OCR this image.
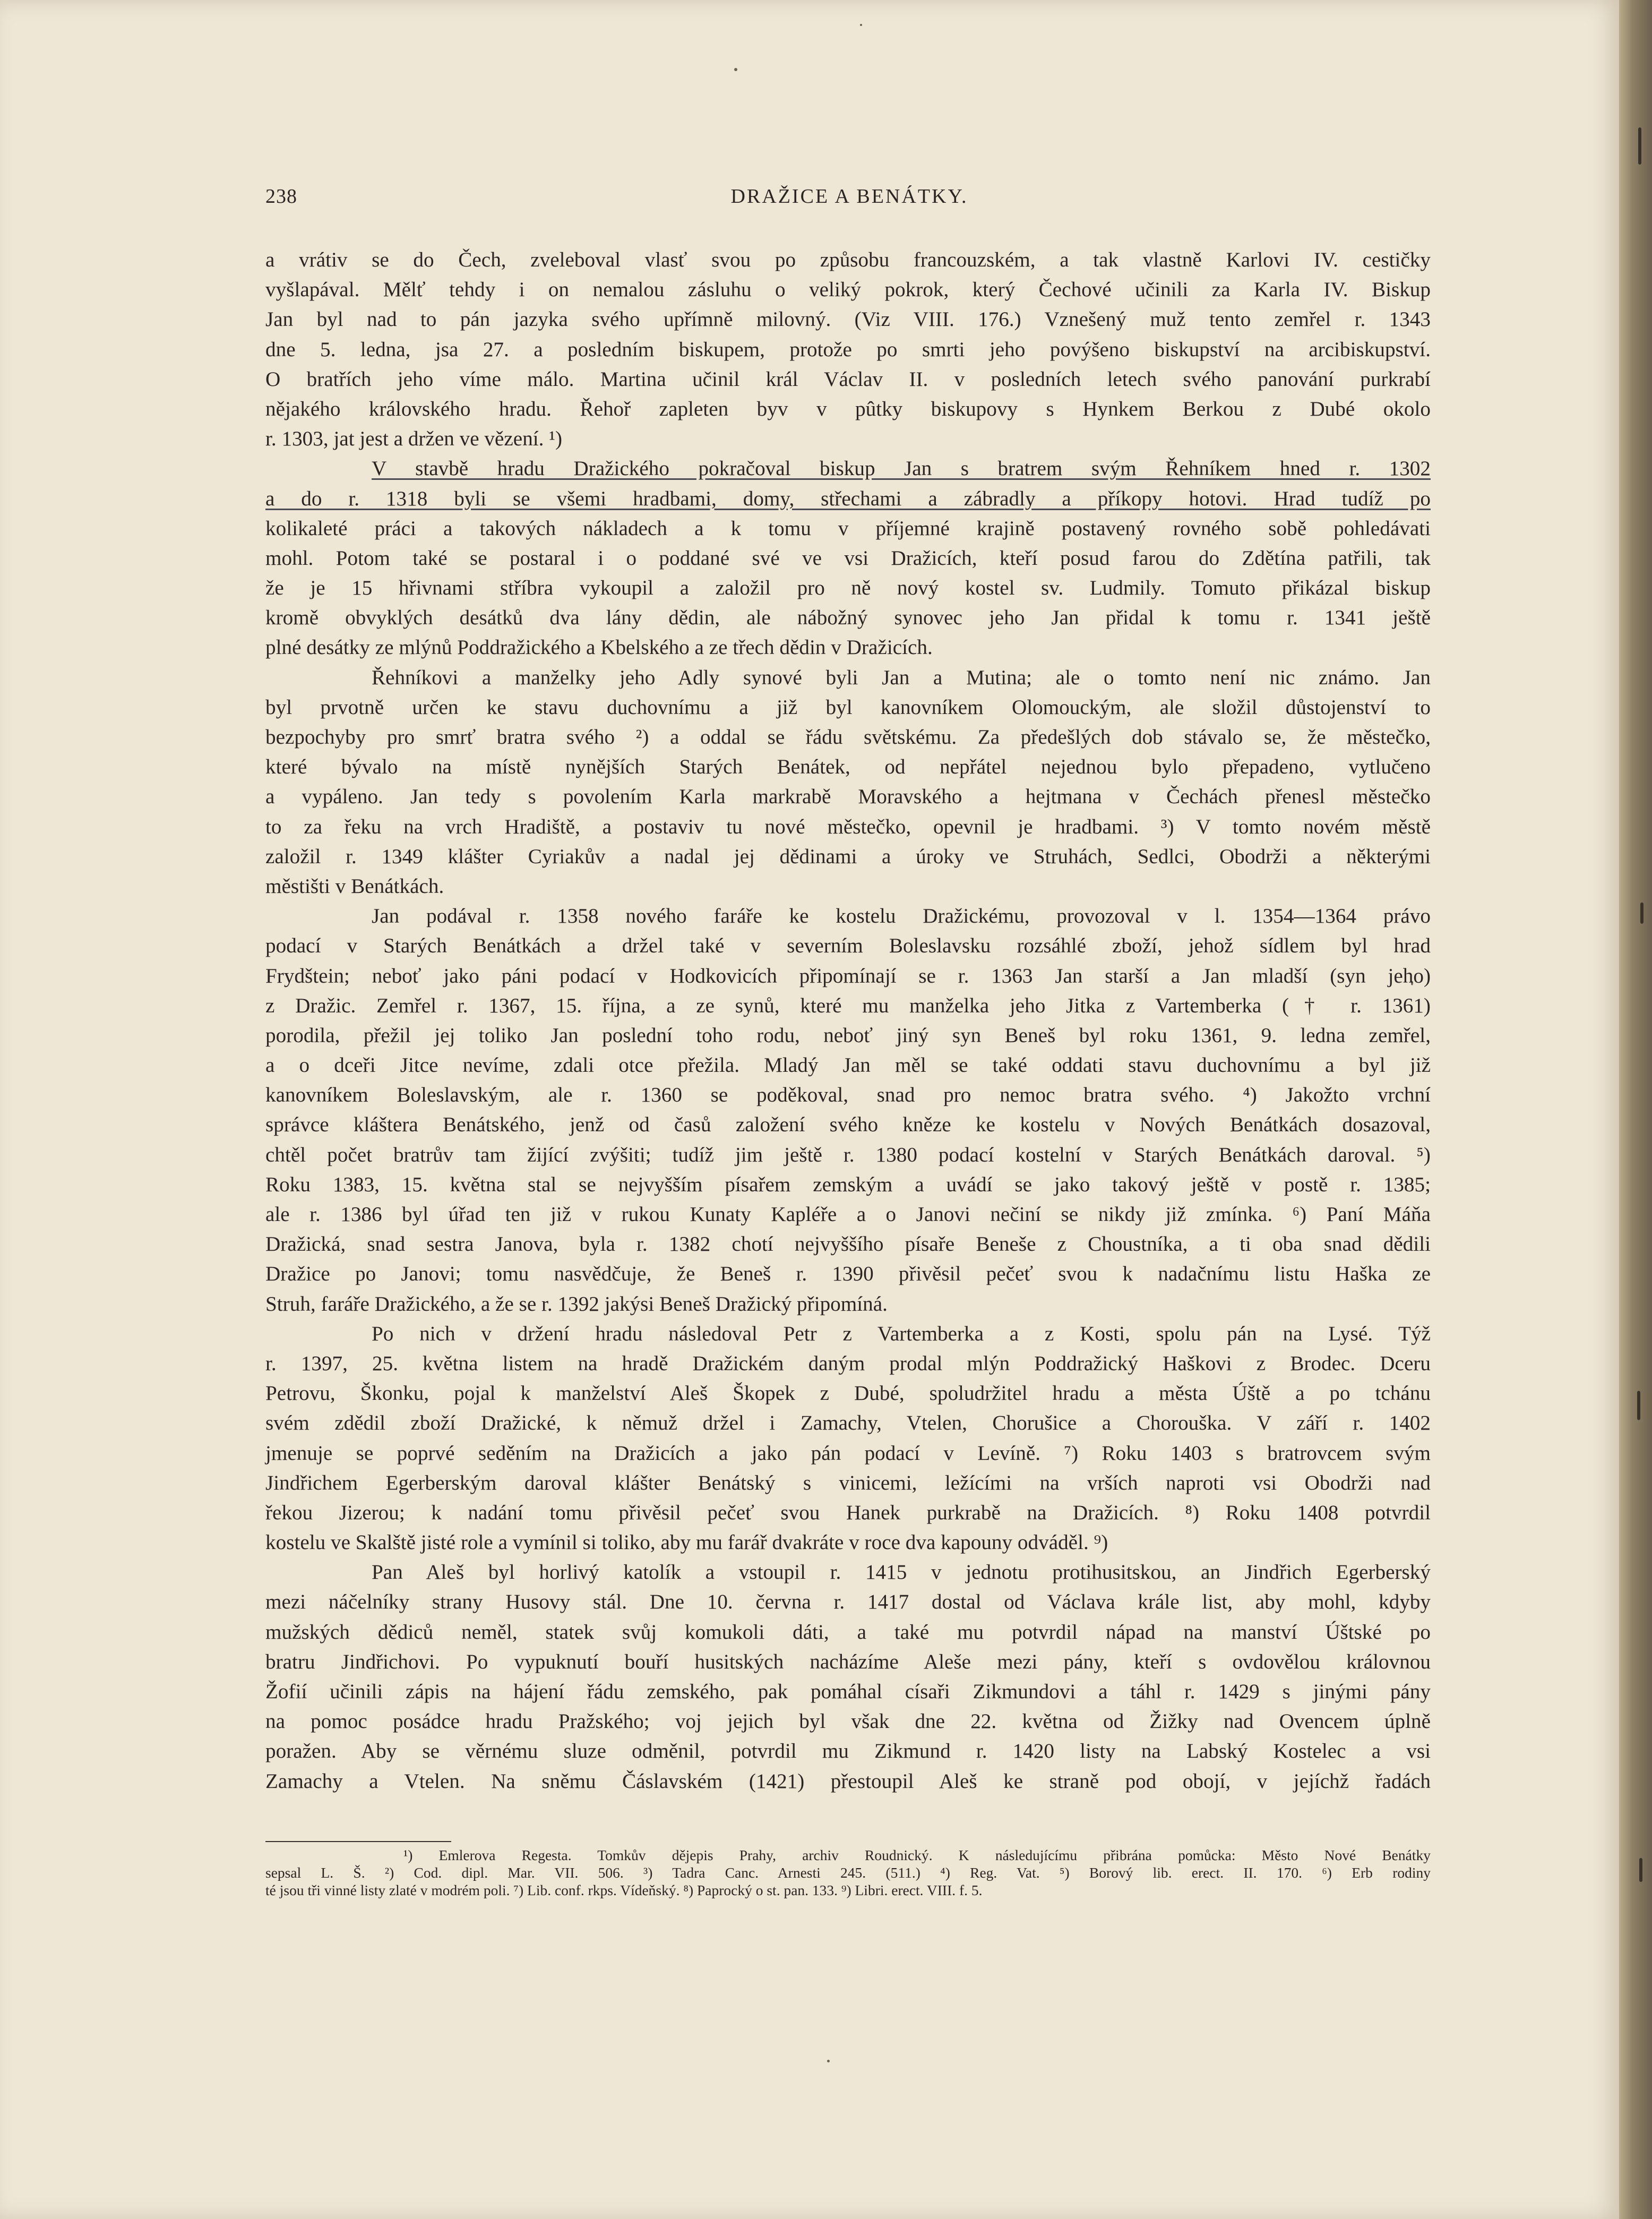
238	DRAŽICE A BENÁTKY.
a vrátiv se do Čech, zveleboval vlasť svou po způsobu francouzském, a tak vlastně Karlovi IV. cestičky
vyšlapával. Mělť tehdy i on nemalou zásluhu o veliký pokrok, který Čechové učinili za Karla IV. Biskup
Jan byl nad to pán jazyka svého upřímně milovný. (Viz VIII. 176.) Vznešený muž tento zemřel r. 1343
dne 5. ledna, jsa 27. a posledním biskupem, protože po smrti jeho povýšeno biskupství na arcibiskupství.
O bratřích jeho víme málo. Martina učinil král Václav II. v posledních letech svého panování purkrabí
nějakého královského hradu. Řehoř zapleten byv v pûtky biskupovy s Hynkem Berkou z Dubé okolo
r. 1303, jat jest a držen ve vězení. ¹)
V stavbě hradu Dražického pokračoval biskup Jan s bratrem svým Řehníkem hned r. 1302
a do r. 1318 byli se všemi hradbami, domy, střechami a zábradly a příkopy hotovi. Hrad tudíž po
kolikaleté práci a takových nákladech a k tomu v příjemné krajině postavený rovného sobě pohledávati
mohl. Potom také se postaral i o poddané své ve vsi Dražicích, kteří posud farou do Zdětína patřili, tak
že je 15 hřivnami stříbra vykoupil a založil pro ně nový kostel sv. Ludmily. Tomuto přikázal biskup
kromě obvyklých desátků dva lány dědin, ale nábožný synovec jeho Jan přidal k tomu r. 1341 ještě
plné desátky ze mlýnů Poddražického a Kbelského a ze třech dědin v Dražicích.
Řehníkovi a manželky jeho Adly synové byli Jan a Mutina; ale o tomto není nic známo. Jan
byl prvotně určen ke stavu duchovnímu a již byl kanovníkem Olomouckým, ale složil důstojenství to
bezpochyby pro smrť bratra svého ²) a oddal se řádu světskému. Za předešlých dob stávalo se, že městečko,
které bývalo na místě nynějších Starých Benátek, od nepřátel nejednou bylo přepadeno, vytlučeno
a vypáleno. Jan tedy s povolením Karla markrabě Moravského a hejtmana v Čechách přenesl městečko
to za řeku na vrch Hradiště, a postaviv tu nové městečko, opevnil je hradbami. ³) V tomto novém městě
založil r. 1349 klášter Cyriakův a nadal jej dědinami a úroky ve Struhách, Sedlci, Obodrži a některými
městišti v Benátkách.
Jan podával r. 1358 nového faráře ke kostelu Dražickému, provozoval v l. 1354—1364 právo
podací v Starých Benátkách a držel také v severním Boleslavsku rozsáhlé zboží, jehož sídlem byl hrad
Frydštein; neboť jako páni podací v Hodkovicích připomínají se r. 1363 Jan starší a Jan mladší (syn jeho)
z Dražic. Zemřel r. 1367, 15. října, a ze synů, které mu manželka jeho Jitka z Vartemberka († r. 1361)
porodila, přežil jej toliko Jan poslední toho rodu, neboť jiný syn Beneš byl roku 1361, 9. ledna zemřel,
a o dceři Jitce nevíme, zdali otce přežila. Mladý Jan měl se také oddati stavu duchovnímu a byl již
kanovníkem Boleslavským, ale r. 1360 se poděkoval, snad pro nemoc bratra svého. ⁴) Jakožto vrchní
správce kláštera Benátského, jenž od časů založení svého kněze ke kostelu v Nových Benátkách dosazoval,
chtěl počet bratrův tam žijící zvýšiti; tudíž jim ještě r. 1380 podací kostelní v Starých Benátkách daroval. ⁵)
Roku 1383, 15. května stal se nejvyšším písařem zemským a uvádí se jako takový ještě v postě r. 1385;
ale r. 1386 byl úřad ten již v rukou Kunaty Kapléře a o Janovi nečiní se nikdy již zmínka. ⁶) Paní Máňa
Dražická, snad sestra Janova, byla r. 1382 chotí nejvyššího písaře Beneše z Choustníka, a ti oba snad dědili
Dražice po Janovi; tomu nasvědčuje, že Beneš r. 1390 přivěsil pečeť svou k nadačnímu listu Haška ze
Struh, faráře Dražického, a že se r. 1392 jakýsi Beneš Dražický připomíná.
Po nich v držení hradu následoval Petr z Vartemberka a z Kosti, spolu pán na Lysé. Týž
r. 1397, 25. května listem na hradě Dražickém daným prodal mlýn Poddražický Haškovi z Brodec. Dceru
Petrovu, Škonku, pojal k manželství Aleš Škopek z Dubé, spoludržitel hradu a města Úště a po tchánu
svém zdědil zboží Dražické, k němuž držel i Zamachy, Vtelen, Chorušice a Chorouška. V září r. 1402
jmenuje se poprvé seděním na Dražicích a jako pán podací v Levíně. ⁷) Roku 1403 s bratrovcem svým
Jindřichem Egerberským daroval klášter Benátský s vinicemi, ležícími na vrších naproti vsi Obodrži nad
řekou Jizerou; k nadání tomu přivěsil pečeť svou Hanek purkrabě na Dražicích. ⁸) Roku 1408 potvrdil
kostelu ve Skalště jisté role a vymínil si toliko, aby mu farář dvakráte v roce dva kapouny odváděl. ⁹)
Pan Aleš byl horlivý katolík a vstoupil r. 1415 v jednotu protihusitskou, an Jindřich Egerberský
mezi náčelníky strany Husovy stál. Dne 10. června r. 1417 dostal od Václava krále list, aby mohl, kdyby
mužských dědiců neměl, statek svůj komukoli dáti, a také mu potvrdil nápad na manství Úštské po
bratru Jindřichovi. Po vypuknutí bouří husitských nacházíme Aleše mezi pány, kteří s ovdovělou královnou
Žofií učinili zápis na hájení řádu zemského, pak pomáhal císaři Zikmundovi a táhl r. 1429 s jinými pány
na pomoc posádce hradu Pražského; voj jejich byl však dne 22. května od Žižky nad Ovencem úplně
poražen. Aby se věrnému sluze odměnil, potvrdil mu Zikmund r. 1420 listy na Labský Kostelec a vsi
Zamachy a Vtelen. Na sněmu Čáslavském (1421) přestoupil Aleš ke straně pod obojí, v jejíchž řadách
¹) Emlerova Regesta. Tomkův dějepis Prahy, archiv Roudnický. K následujícímu přibrána pomůcka: Město Nové Benátky
sepsal L. Š. ²) Cod. dipl. Mar. VII. 506. ³) Tadra Canc. Arnesti 245. (511.) ⁴) Reg. Vat. ⁵) Borový lib. erect. II. 170. ⁶) Erb rodiny
té jsou tři vinné listy zlaté v modrém poli. ⁷) Lib. conf. rkps. Vídeňský. ⁸) Paprocký o st. pan. 133. ⁹) Libri. erect. VIII. f. 5.
